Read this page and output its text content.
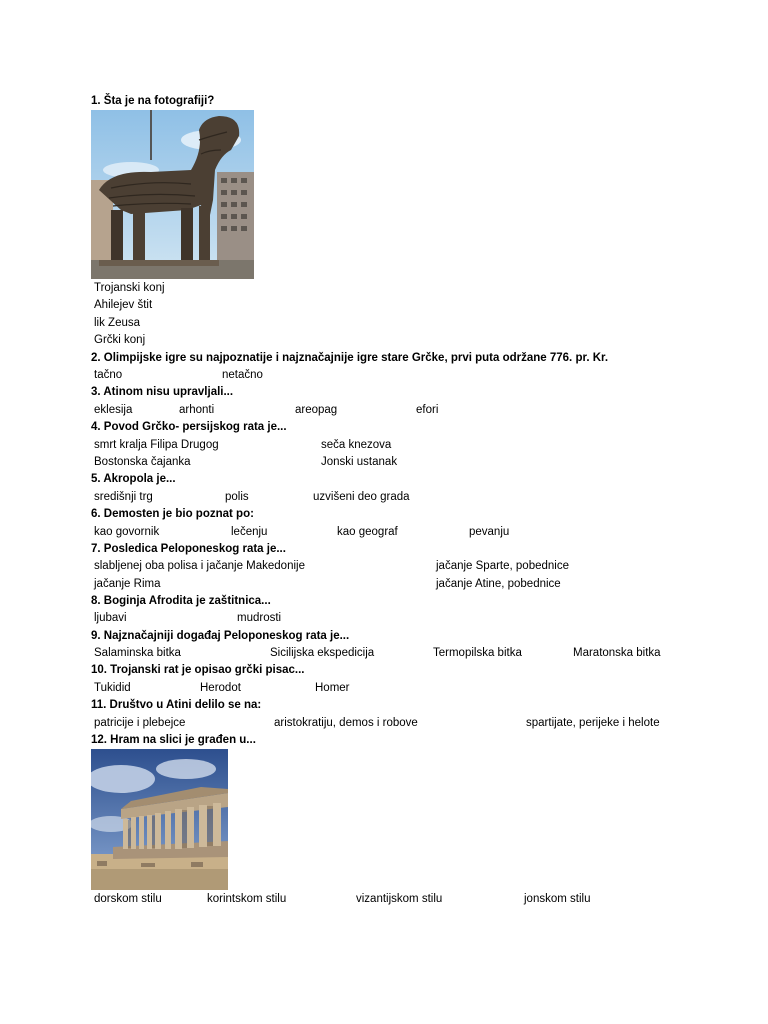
1. Šta je na fotografiji?
Trojanski konj
Ahilejev štit
lik Zeusa
Grčki konj
2. Olimpijske igre su najpoznatije i najznačajnije igre stare Grčke, prvi puta održane 776. pr. Kr.
tačno	netačno
3. Atinom nisu upravljali...
eklesija	arhonti	areopag	efori
4. Povod Grčko- persijskog rata je...
smrt kralja Filipa Drugog	seča knezova
Bostonska čajanka	Jonski ustanak
5. Akropola je...
središnji trg	polis	uzvišeni deo grada
6. Demosten je bio poznat po:
kao govornik	lečenju	kao geograf	pevanju
7. Posledica Peloponeskog rata je...
slabljenej oba polisa i jačanje Makedonije	jačanje Sparte, pobednice
jačanje Rima	jačanje Atine, pobednice
8. Boginja Afrodita je zaštitnica...
ljubavi	mudrosti
9. Najznačajniji događaj Peloponeskog rata je...
Salaminska bitka	Sicilijska ekspedicija	Termopilska bitka	Maratonska bitka
10. Trojanski rat je opisao grčki pisac...
Tukidid	Herodot	Homer
11. Društvo u Atini delilo se na:
patricije i plebejce	aristokratiju, demos i robove	spartijate, perijeke i helote
12. Hram na slici je građen u...
dorskom stilu	korintskom stilu	vizantijskom stilu	jonskom stilu
